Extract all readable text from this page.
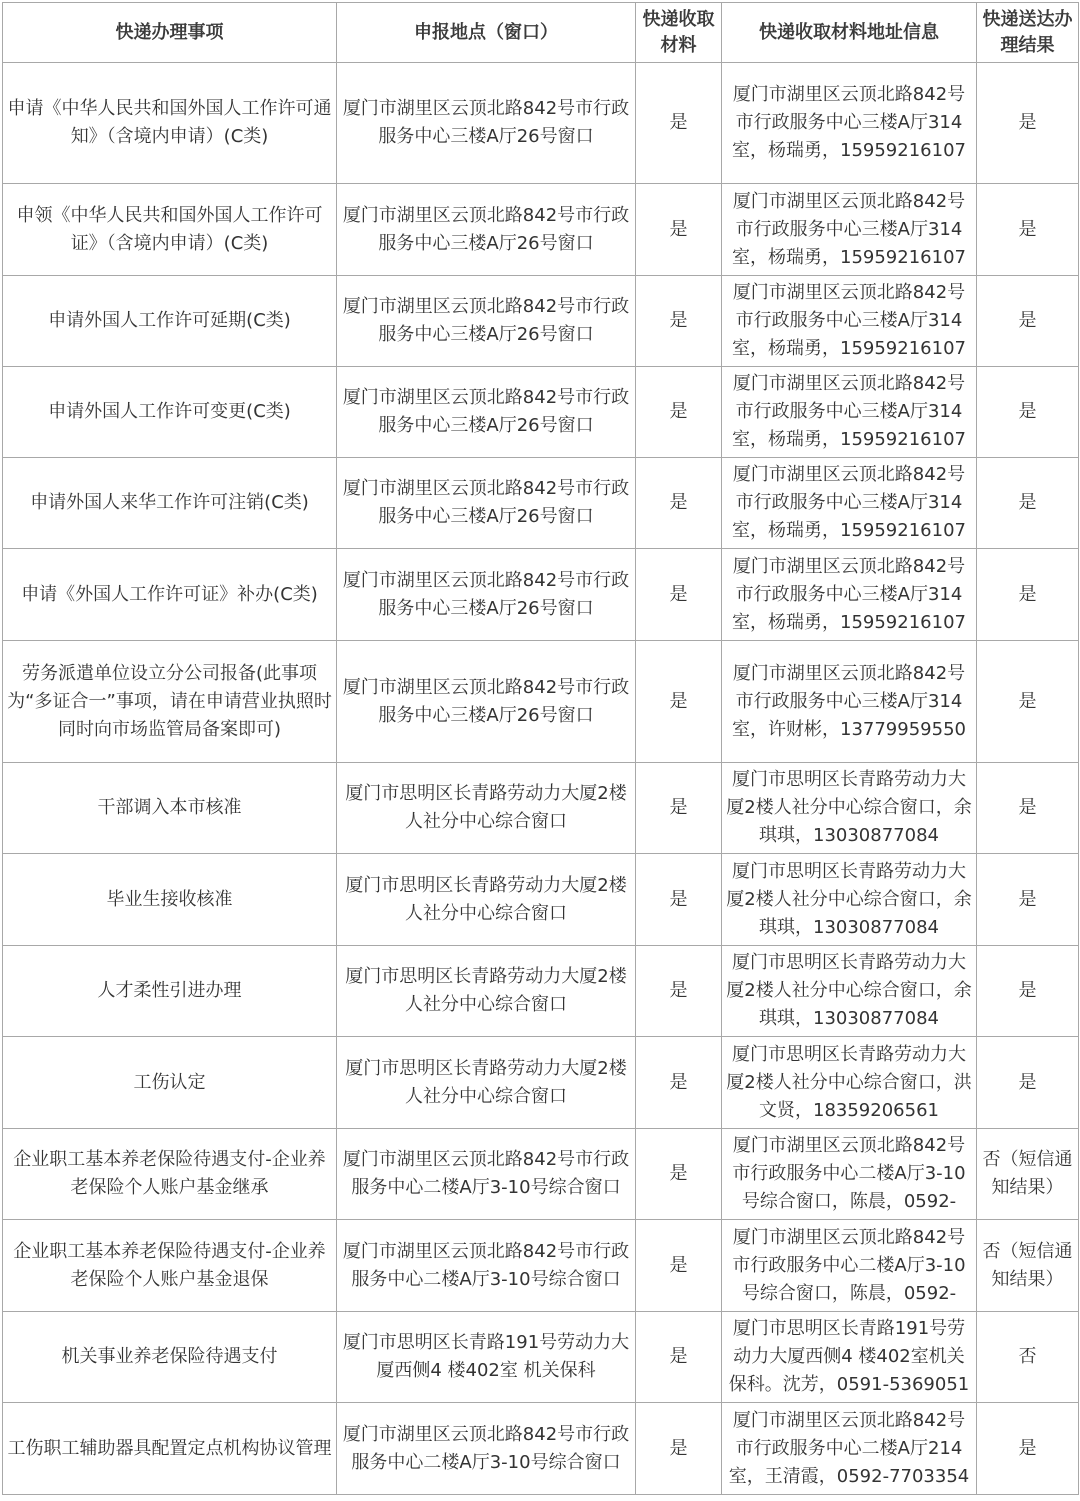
快递办理事项	申报地点（窗口）	快递收取材料	快递收取材料地址信息	快递送达办理结果
申请《中华人民共和国外国人工作许可通知》（含境内申请）(C类)	厦门市湖里区云顶北路842号市行政服务中心三楼A厅26号窗口	是	厦门市湖里区云顶北路842号市行政服务中心三楼A厅314室，杨瑞勇，15959216107	是
申领《中华人民共和国外国人工作许可证》（含境内申请）(C类)	厦门市湖里区云顶北路842号市行政服务中心三楼A厅26号窗口	是	厦门市湖里区云顶北路842号市行政服务中心三楼A厅314室，杨瑞勇，15959216107	是
申请外国人工作许可延期(C类)	厦门市湖里区云顶北路842号市行政服务中心三楼A厅26号窗口	是	厦门市湖里区云顶北路842号市行政服务中心三楼A厅314室，杨瑞勇，15959216107	是
申请外国人工作许可变更(C类)	厦门市湖里区云顶北路842号市行政服务中心三楼A厅26号窗口	是	厦门市湖里区云顶北路842号市行政服务中心三楼A厅314室，杨瑞勇，15959216107	是
申请外国人来华工作许可注销(C类)	厦门市湖里区云顶北路842号市行政服务中心三楼A厅26号窗口	是	厦门市湖里区云顶北路842号市行政服务中心三楼A厅314室，杨瑞勇，15959216107	是
申请《外国人工作许可证》补办(C类)	厦门市湖里区云顶北路842号市行政服务中心三楼A厅26号窗口	是	厦门市湖里区云顶北路842号市行政服务中心三楼A厅314室，杨瑞勇，15959216107	是
劳务派遣单位设立分公司报备(此事项为“多证合一”事项，请在申请营业执照时同时向市场监管局备案即可)	厦门市湖里区云顶北路842号市行政服务中心三楼A厅26号窗口	是	厦门市湖里区云顶北路842号市行政服务中心三楼A厅314室，许财彬，13779959550	是
干部调入本市核准	厦门市思明区长青路劳动力大厦2楼人社分中心综合窗口	是	厦门市思明区长青路劳动力大厦2楼人社分中心综合窗口，余琪琪，13030877084	是
毕业生接收核准	厦门市思明区长青路劳动力大厦2楼人社分中心综合窗口	是	厦门市思明区长青路劳动力大厦2楼人社分中心综合窗口，余琪琪，13030877084	是
人才柔性引进办理	厦门市思明区长青路劳动力大厦2楼人社分中心综合窗口	是	厦门市思明区长青路劳动力大厦2楼人社分中心综合窗口，余琪琪，13030877084	是
工伤认定	厦门市思明区长青路劳动力大厦2楼人社分中心综合窗口	是	厦门市思明区长青路劳动力大厦2楼人社分中心综合窗口，洪文贤，18359206561	是
企业职工基本养老保险待遇支付-企业养老保险个人账户基金继承	厦门市湖里区云顶北路842号市行政服务中心二楼A厅3-10号综合窗口	是	厦门市湖里区云顶北路842号市行政服务中心二楼A厅3-10号综合窗口，陈晨，0592-	否（短信通知结果）
企业职工基本养老保险待遇支付-企业养老保险个人账户基金退保	厦门市湖里区云顶北路842号市行政服务中心二楼A厅3-10号综合窗口	是	厦门市湖里区云顶北路842号市行政服务中心二楼A厅3-10号综合窗口，陈晨，0592-	否（短信通知结果）
机关事业养老保险待遇支付	厦门市思明区长青路191号劳动力大厦西侧4 楼402室 机关保科	是	厦门市思明区长青路191号劳动力大厦西侧4 楼402室机关保科。沈芳，0591-5369051	否
工伤职工辅助器具配置定点机构协议管理	厦门市湖里区云顶北路842号市行政服务中心二楼A厅3-10号综合窗口	是	厦门市湖里区云顶北路842号市行政服务中心二楼A厅214室，王清霞，0592-7703354	是
